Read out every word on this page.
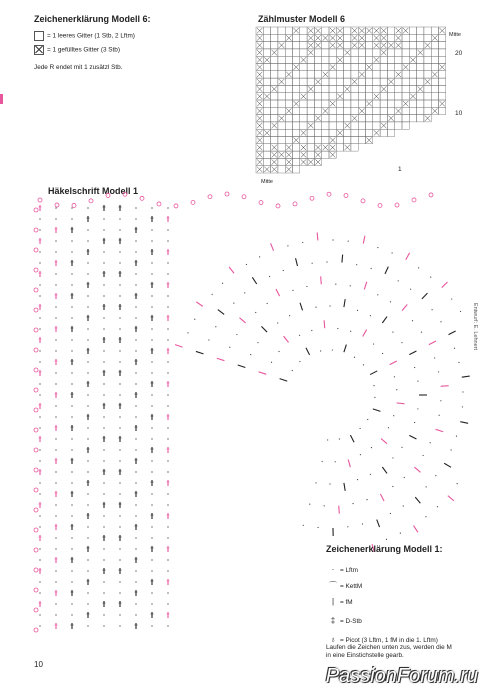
Zeichenerklärung Modell 6:
= 1 leeres Gitter (1 Stb, 2 Lftm)
= 1 gefülltes Gitter (3 Stb)
Jede R endet mit 1 zusätzl Stb.
Zählmuster Modell 6
Mitte
20
10
1
Mitte
Häkelschrift Modell 1
Zeichenerklärung Modell 1:
· = Lftm
⌒ = KettM
| = fM
‡ = D-Stb
♁ = Picot (3 Lftm, 1 fM in die 1. Lftm)
Laufen die Zeichen unten zus, werden die M in eine Einstichstelle gearb.
10
Entwurf: E. Lehnert
PassionForum.ru
